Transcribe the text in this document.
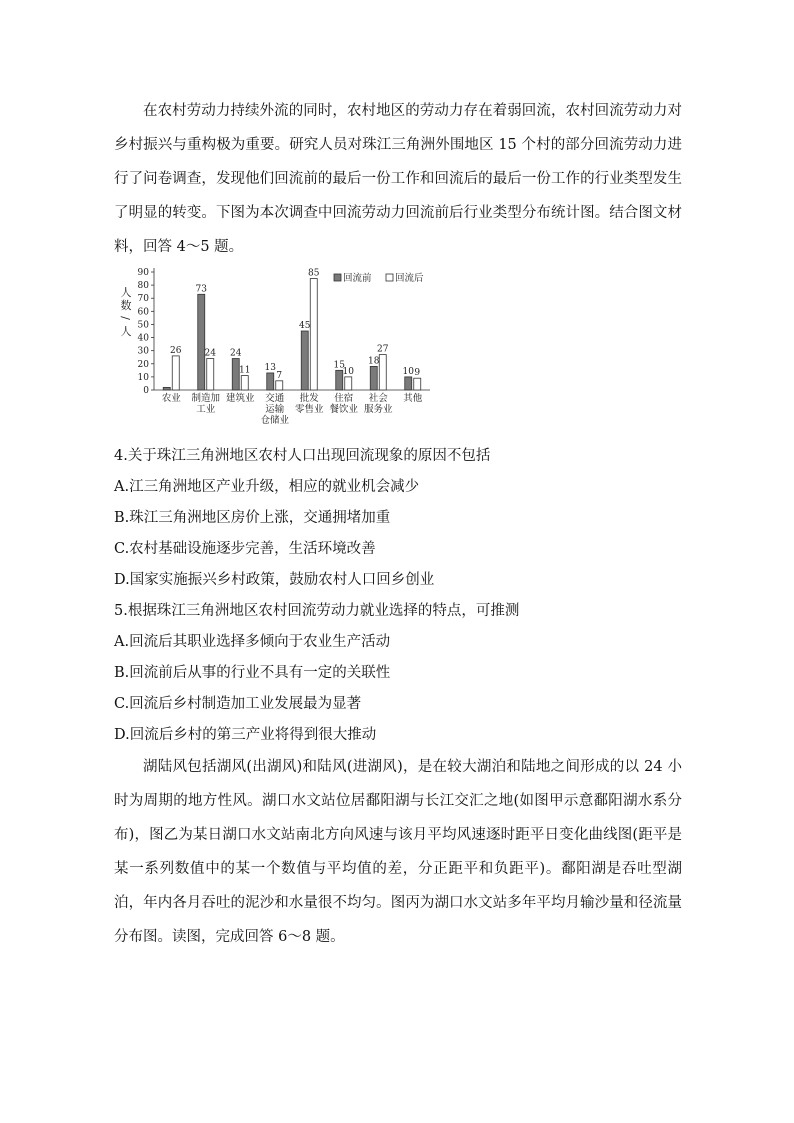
在农村劳动力持续外流的同时，农村地区的劳动力存在着弱回流，农村回流劳动力对乡村振兴与重构极为重要。研究人员对珠江三角洲外围地区 15 个村的部分回流劳动力进行了问卷调查，发现他们回流前的最后一份工作和回流后的最后一份工作的行业类型发生了明显的转变。下图为本次调查中回流劳动力回流前后行业类型分布统计图。结合图文材料，回答 4～5 题。

0
10
20
30
40
50
60
70
80
90
人
数
/
人
26
农业
73
24
制造加
工业
24
11
建筑业
13
7
交通
运输
仓储业
45
85
批发
零售业
15
10
住宿
餐饮业
18
27
社会
服务业
10 9
其他
回流前 回流后

4.关于珠江三角洲地区农村人口出现回流现象的原因不包括

A.江三角洲地区产业升级，相应的就业机会减少

B.珠江三角洲地区房价上涨，交通拥堵加重

C.农村基础设施逐步完善，生活环境改善

D.国家实施振兴乡村政策，鼓励农村人口回乡创业

5.根据珠江三角洲地区农村回流劳动力就业选择的特点，可推测

A.回流后其职业选择多倾向于农业生产活动

B.回流前后从事的行业不具有一定的关联性

C.回流后乡村制造加工业发展最为显著

D.回流后乡村的第三产业将得到很大推动

湖陆风包括湖风(出湖风)和陆风(进湖风)，是在较大湖泊和陆地之间形成的以 24 小时为周期的地方性风。湖口水文站位居鄱阳湖与长江交汇之地(如图甲示意鄱阳湖水系分布)，图乙为某日湖口水文站南北方向风速与该月平均风速逐时距平日变化曲线图(距平是某一系列数值中的某一个数值与平均值的差，分正距平和负距平)。鄱阳湖是吞吐型湖泊，年内各月吞吐的泥沙和水量很不均匀。图丙为湖口水文站多年平均月输沙量和径流量分布图。读图，完成回答 6～8 题。
